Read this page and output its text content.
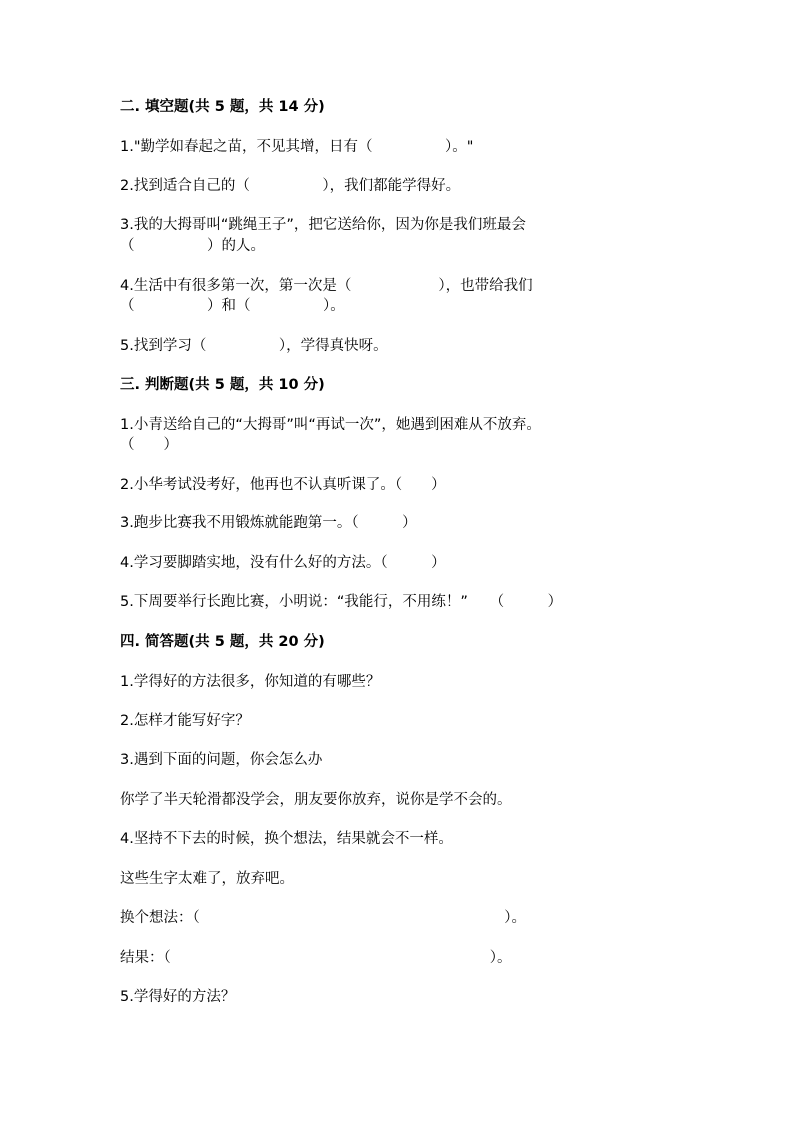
二. 填空题(共 5 题，共 14 分)
1."勤学如春起之苗，不见其增，日有（　　　　　）。"
2.找到适合自己的（　　　　　），我们都能学得好。
3.我的大拇哥叫“跳绳王子”，把它送给你，因为你是我们班最会
（　　　　　）的人。
4.生活中有很多第一次，第一次是（　　　　　　），也带给我们
（　　　　　）和（　　　　　）。
5.找到学习（　　　　　），学得真快呀。
三. 判断题(共 5 题，共 10 分)
1.小青送给自己的“大拇哥”叫“再试一次”，她遇到困难从不放弃。
（　　）
2.小华考试没考好，他再也不认真听课了。（　　）
3.跑步比赛我不用锻炼就能跑第一。（　　　）
4.学习要脚踏实地，没有什么好的方法。（　　　）
5.下周要举行长跑比赛，小明说：“我能行，不用练！”　　（　　　）
四. 简答题(共 5 题，共 20 分)
1.学得好的方法很多，你知道的有哪些？
2.怎样才能写好字？
3.遇到下面的问题，你会怎么办
你学了半天轮滑都没学会，朋友要你放弃，说你是学不会的。
4.坚持不下去的时候，换个想法，结果就会不一样。
这些生字太难了，放弃吧。
换个想法：（　　　　　　　　　　　　　　　　　　　　　）。
结果：（　　　　　　　　　　　　　　　　　　　　　　）。
5.学得好的方法？
